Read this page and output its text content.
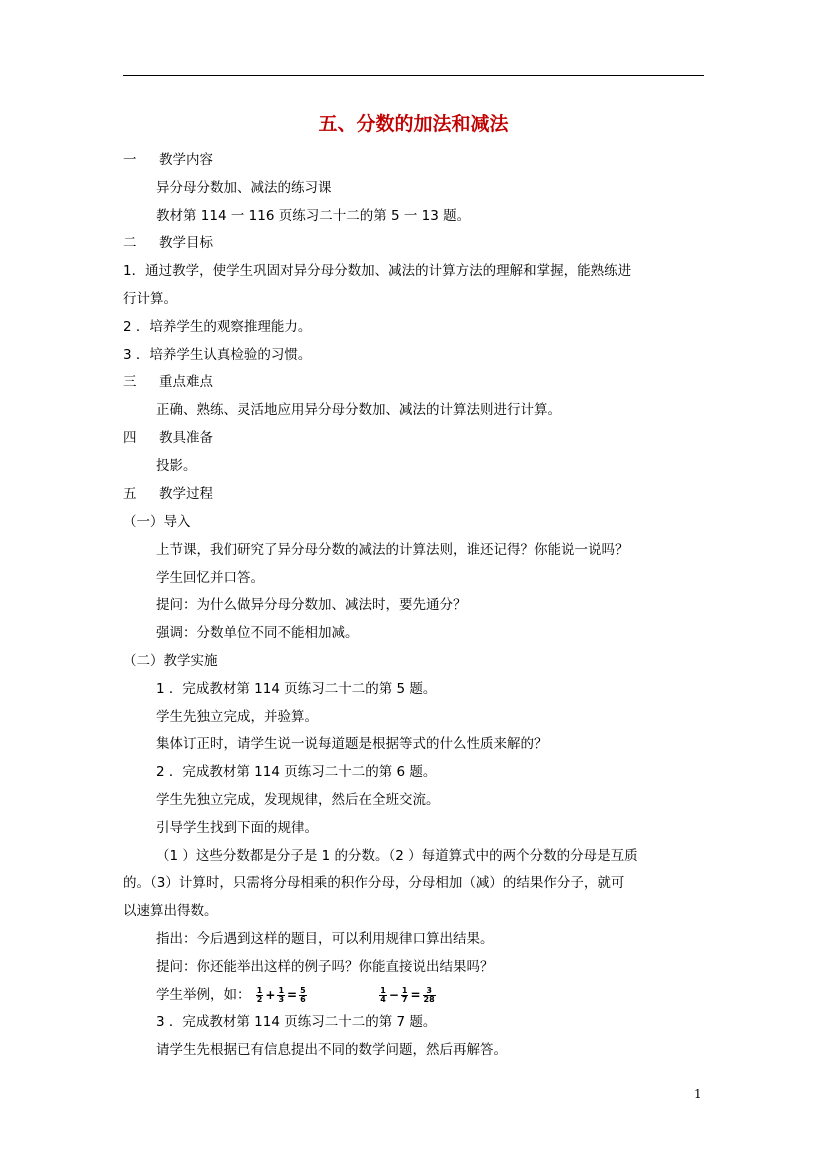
五、分数的加法和减法
一 教学内容
异分母分数加、减法的练习课
教材第 114 一 116 页练习二十二的第 5 一 13 题。
二 教学目标
1．通过教学，使学生巩固对异分母分数加、减法的计算方法的理解和掌握，能熟练进
行计算。
2 ．培养学生的观察推理能力。
3 ．培养学生认真检验的习惯。
三 重点难点
正确、熟练、灵活地应用异分母分数加、减法的计算法则进行计算。
四 教具准备
投影。
五 教学过程
（一）导入
上节课，我们研究了异分母分数的减法的计算法则，谁还记得？你能说一说吗？
学生回忆并口答。
提问：为什么做异分母分数加、减法时，要先通分？
强调：分数单位不同不能相加减。
（二）教学实施
1 ．完成教材第 114 页练习二十二的第 5 题。
学生先独立完成，并验算。
集体订正时，请学生说一说每道题是根据等式的什么性质来解的？
2 ．完成教材第 114 页练习二十二的第 6 题。
学生先独立完成，发现规律，然后在全班交流。
引导学生找到下面的规律。
（1 ）这些分数都是分子是 1 的分数。（2 ）每道算式中的两个分数的分母是互质
的。（3）计算时，只需将分母相乘的积作分母，分母相加（减）的结果作分子，就可
以速算出得数。
指出：今后遇到这样的题目，可以利用规律口算出结果。
提问：你还能举出这样的例子吗？你能直接说出结果吗？
学生举例，如： $\frac{1}{2} + \frac{1}{3} = \frac{5}{6}$
	$\frac{1}{4} - \frac{1}{7} = \frac{3}{28}$
3 ．完成教材第 114 页练习二十二的第 7 题。
请学生先根据已有信息提出不同的数学问题，然后再解答。
1
